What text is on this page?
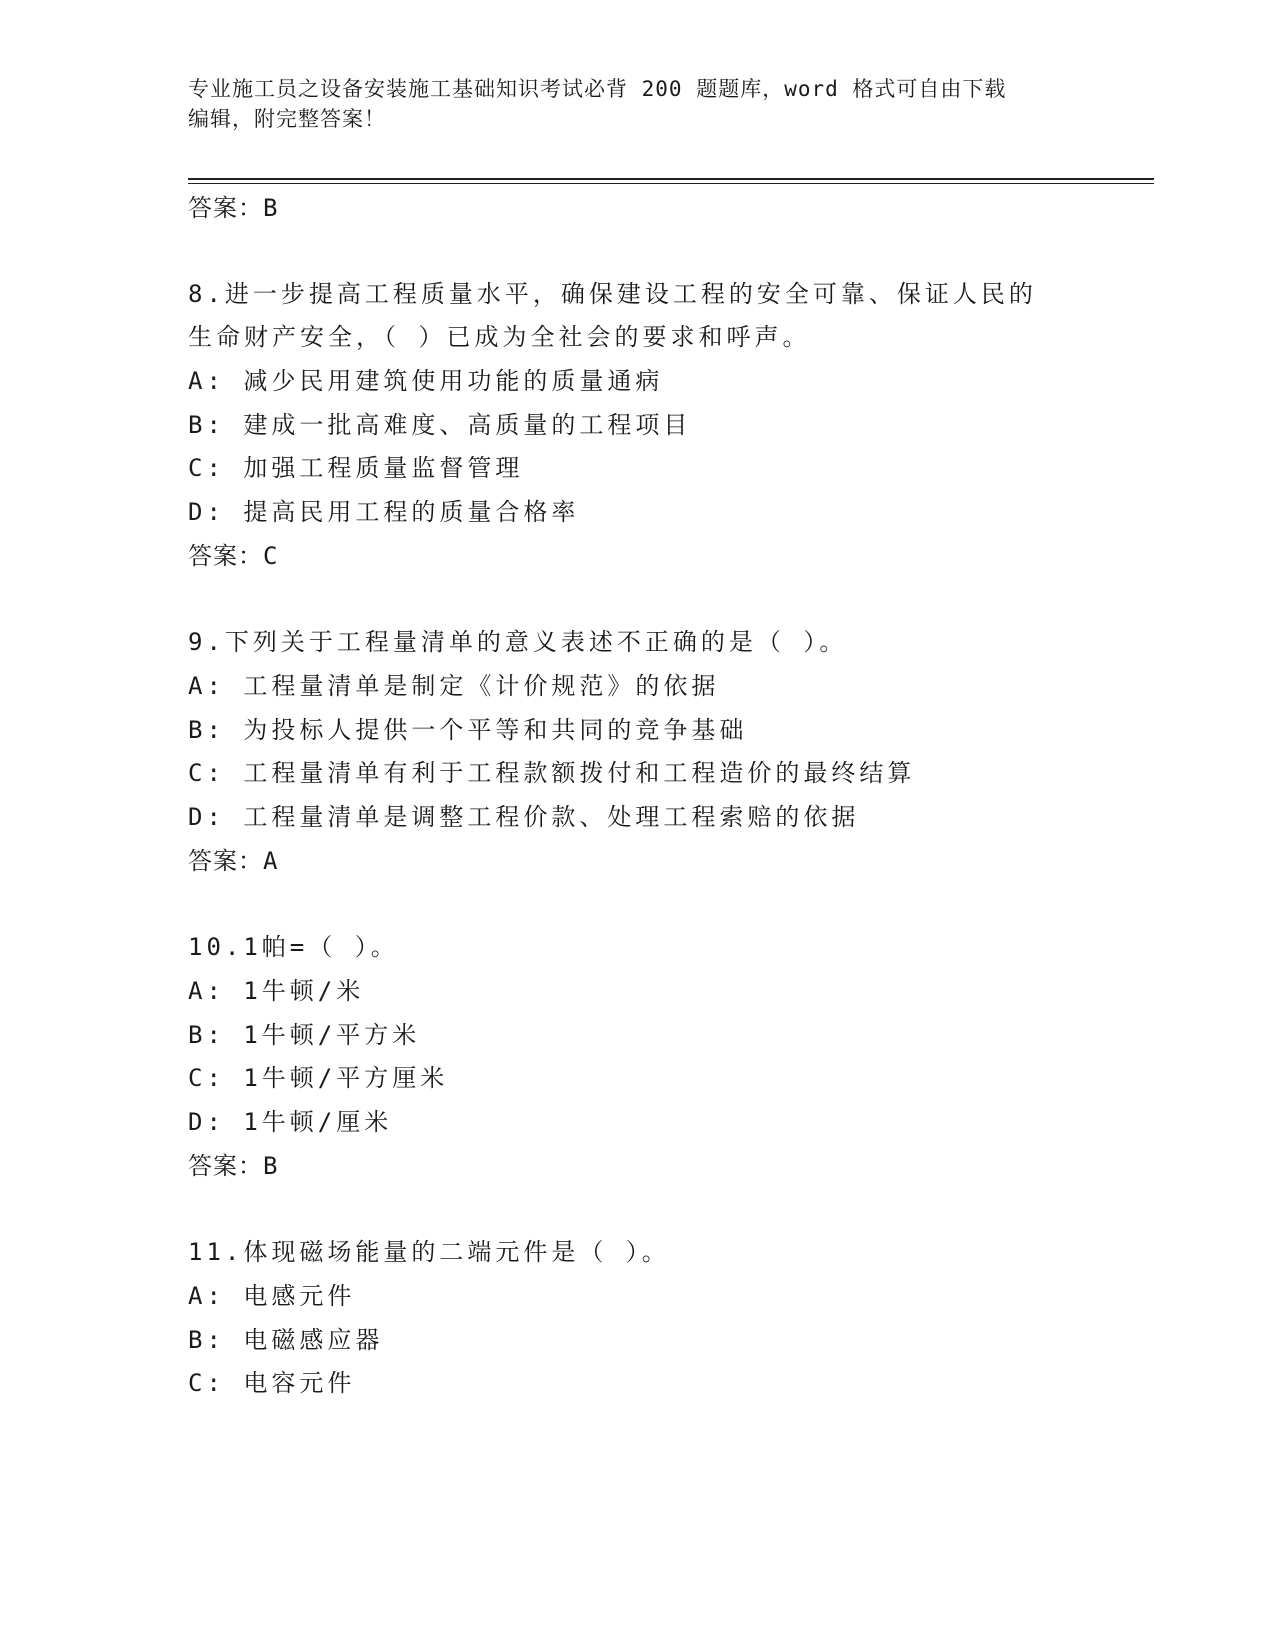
专业施工员之设备安装施工基础知识考试必背 200 题题库，word 格式可自由下载
编辑，附完整答案！
答案：B
8.进一步提高工程质量水平，确保建设工程的安全可靠、保证人民的
生命财产安全，（ ）已成为全社会的要求和呼声。
A: 减少民用建筑使用功能的质量通病
B: 建成一批高难度、高质量的工程项目
C: 加强工程质量监督管理
D: 提高民用工程的质量合格率
答案：C
9.下列关于工程量清单的意义表述不正确的是（ ）。
A: 工程量清单是制定《计价规范》的依据
B: 为投标人提供一个平等和共同的竞争基础
C: 工程量清单有利于工程款额拨付和工程造价的最终结算
D: 工程量清单是调整工程价款、处理工程索赔的依据
答案：A
10.1帕=（ ）。
A: 1牛顿/米
B: 1牛顿/平方米
C: 1牛顿/平方厘米
D: 1牛顿/厘米
答案：B
11.体现磁场能量的二端元件是（ ）。
A: 电感元件
B: 电磁感应器
C: 电容元件
